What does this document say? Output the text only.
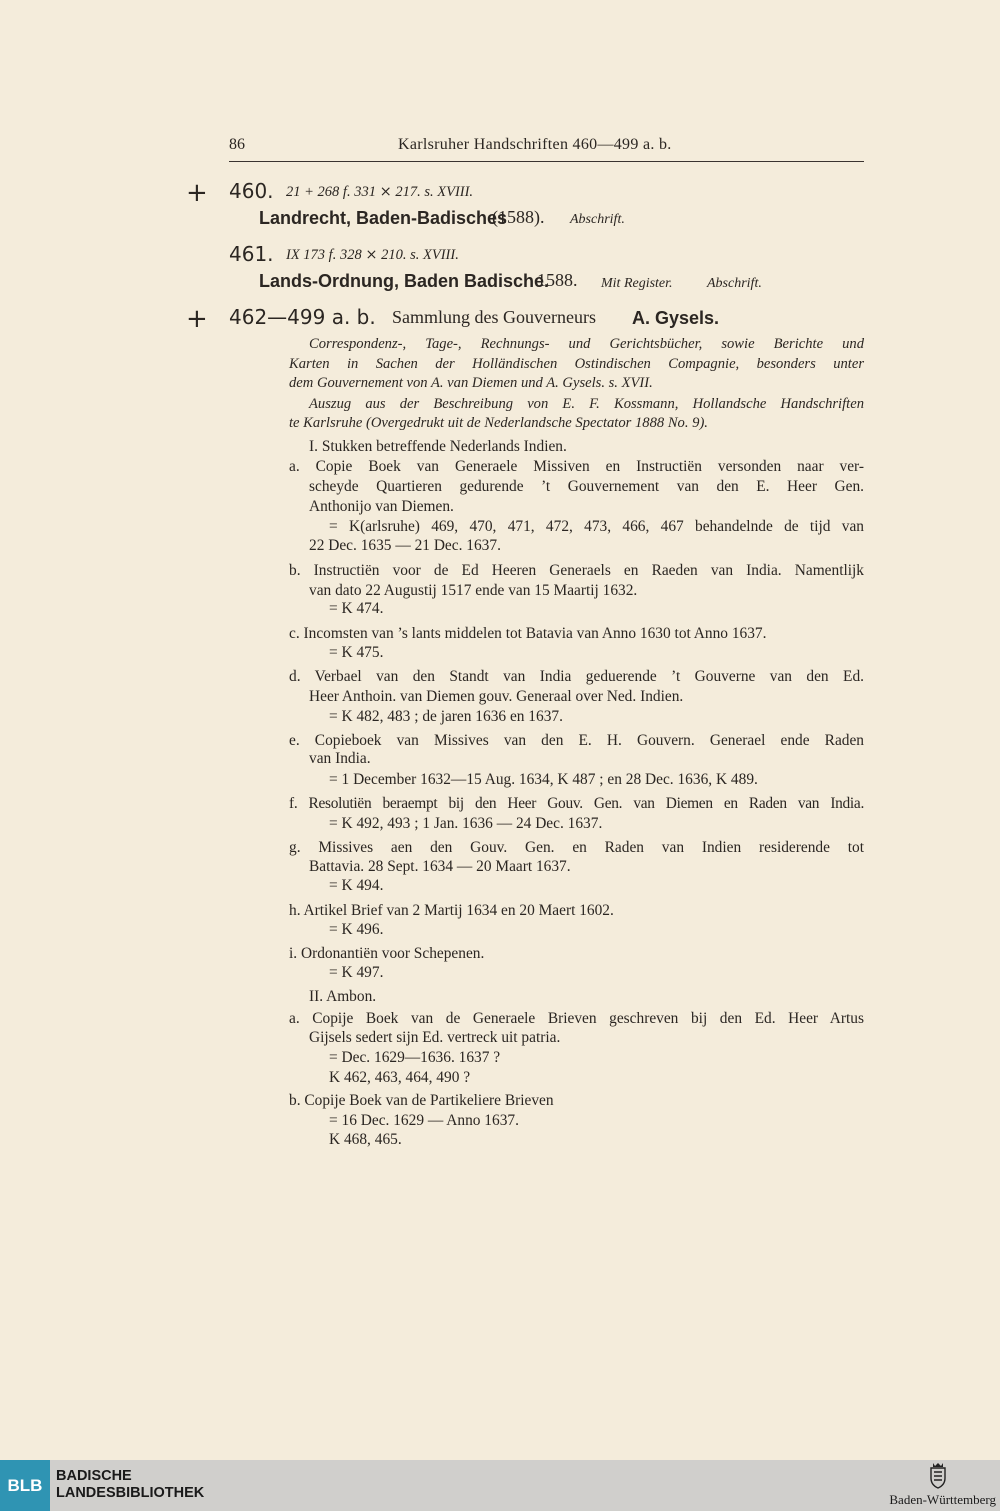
86	Karlsruher Handschriften 460—499 a. b.
+ 460. 21 + 268 f. 331 ⨯ 217. s. XVIII.
Landrecht, Baden-Badisches
(1588). Abschrift.
461. IX 173 f. 328 ⨯ 210. s. XVIII.
Lands-Ordnung, Baden Badische.
1588. Mit Register. Abschrift.
+ 462—499 a. b. Sammlung des Gouverneurs A. Gysels.
Correspondenz-, Tage-, Rechnungs- und Gerichtsbücher, sowie Berichte und
Karten in Sachen der Holländischen Ostindischen Compagnie, besonders unter
dem Gouvernement von A. van Diemen und A. Gysels. s. XVII.
Auszug aus der Beschreibung von E. F. Kossmann, Hollandsche Handschriften
te Karlsruhe (Overgedrukt uit de Nederlandsche Spectator 1888 No. 9).
I. Stukken betreffende Nederlands Indien.
a. Copie Boek van Generaele Missiven en Instructiën versonden naar ver-
scheyde Quartieren gedurende ’t Gouvernement van den E. Heer Gen.
Anthonijo van Diemen.
= K(arlsruhe) 469, 470, 471, 472, 473, 466, 467 behandelnde de tijd van
22 Dec. 1635 — 21 Dec. 1637.
b. Instructiën voor de Ed Heeren Generaels en Raeden van India. Namentlijk
van dato 22 Augustij 1517 ende van 15 Maartij 1632.
= K 474.
c. Incomsten van ’s lants middelen tot Batavia van Anno 1630 tot Anno 1637.
= K 475.
d. Verbael van den Standt van India geduerende ’t Gouverne van den Ed.
Heer Anthoin. van Diemen gouv. Generaal over Ned. Indien.
= K 482, 483 ; de jaren 1636 en 1637.
e. Copieboek van Missives van den E. H. Gouvern. Generael ende Raden
van India.
= 1 December 1632—15 Aug. 1634, K 487 ; en 28 Dec. 1636, K 489.
f. Resolutiën beraempt bij den Heer Gouv. Gen. van Diemen en Raden van India.
= K 492, 493 ; 1 Jan. 1636 — 24 Dec. 1637.
g. Missives aen den Gouv. Gen. en Raden van Indien residerende tot
Battavia. 28 Sept. 1634 — 20 Maart 1637.
= K 494.
h. Artikel Brief van 2 Martij 1634 en 20 Maert 1602.
= K 496.
i. Ordonantiën voor Schepenen.
= K 497.
II. Ambon.
a. Copije Boek van de Generaele Brieven geschreven bij den Ed. Heer Artus
Gijsels sedert sijn Ed. vertreck uit patria.
= Dec. 1629—1636. 1637 ?
K 462, 463, 464, 490 ?
b. Copije Boek van de Partikeliere Brieven
= 16 Dec. 1629 — Anno 1637.
K 468, 465.
BLB BADISCHE
LANDESBIBLIOTHEK	Baden-Württemberg
